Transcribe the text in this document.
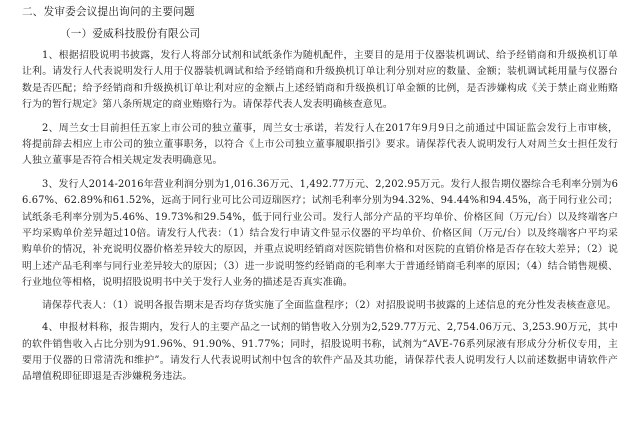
二、发审委会议提出询问的主要问题
（一）爱威科技股份有限公司

1、根据招股说明书披露，发行人将部分试剂和试纸条作为随机配件，主要目的是用于仪器装机调试、给予经销商和升级换机订单让利。请发行人代表说明发行人用于仪器装机调试和给予经销商和升级换机订单让利分别对应的数量、金额；装机调试耗用量与仪器台数是否匹配；给予经销商和升级换机订单让利对应的金额占上述经销商和升级换机订单金额的比例，是否涉嫌构成《关于禁止商业贿赂行为的暂行规定》第八条所规定的商业贿赂行为。请保荐代表人发表明确核查意见。

2、周兰女士目前担任五家上市公司的独立董事，周兰女士承诺，若发行人在2017年9月9日之前通过中国证监会发行上市审核，将提前辞去相应上市公司的独立董事职务，以符合《上市公司独立董事履职指引》要求。请保荐代表人说明发行人对周兰女士担任发行人独立董事是否符合相关规定发表明确意见。

3、发行人2014-2016年营业利润分别为1,016.36万元、1,492.77万元、2,202.95万元。发行人报告期仪器综合毛利率分别为66.67%、62.89%和61.52%，远高于同行业可比公司迈瑞医疗；试剂毛利率分别为94.32%、94.44%和94.45%，高于同行业公司；试纸条毛利率分别为5.46%、19.73%和29.54%，低于同行业公司。发行人部分产品的平均单价、价格区间（万元/台）以及终端客户平均采购单价差异超过10倍。请发行人代表：（1）结合发行申请文件显示仪器的平均单价、价格区间（万元/台）以及终端客户平均采购单价的情况，补充说明仪器价格差异较大的原因，并重点说明经销商对医院销售价格和对医院的直销价格是否存在较大差异；（2）说明上述产品毛利率与同行业差异较大的原因；（3）进一步说明签约经销商的毛利率大于普通经销商毛利率的原因；（4）结合销售规模、行业地位等相格，说明招股说明书中关于发行人业务的描述是否真实准确。

请保荐代表人：（1）说明各报告期末是否均存货实施了全面监盘程序；（2）对招股说明书披露的上述信息的充分性发表核查意见。

4、申报材料称，报告期内，发行人的主要产品之一试剂的销售收入分别为2,529.77万元、2,754.06万元、3,253.90万元，其中的软件销售收入占比分别为91.96%、91.90%、91.77%；同时，招股说明书称，试剂为“AVE-76系列尿液有形成分分析仪专用，主要用于仪器的日常清洗和维护”。请发行人代表说明试剂中包含的软件产品及其功能，请保荐代表人说明发行人以前述数据申请软件产品增值税即征即退是否涉嫌税务违法。
